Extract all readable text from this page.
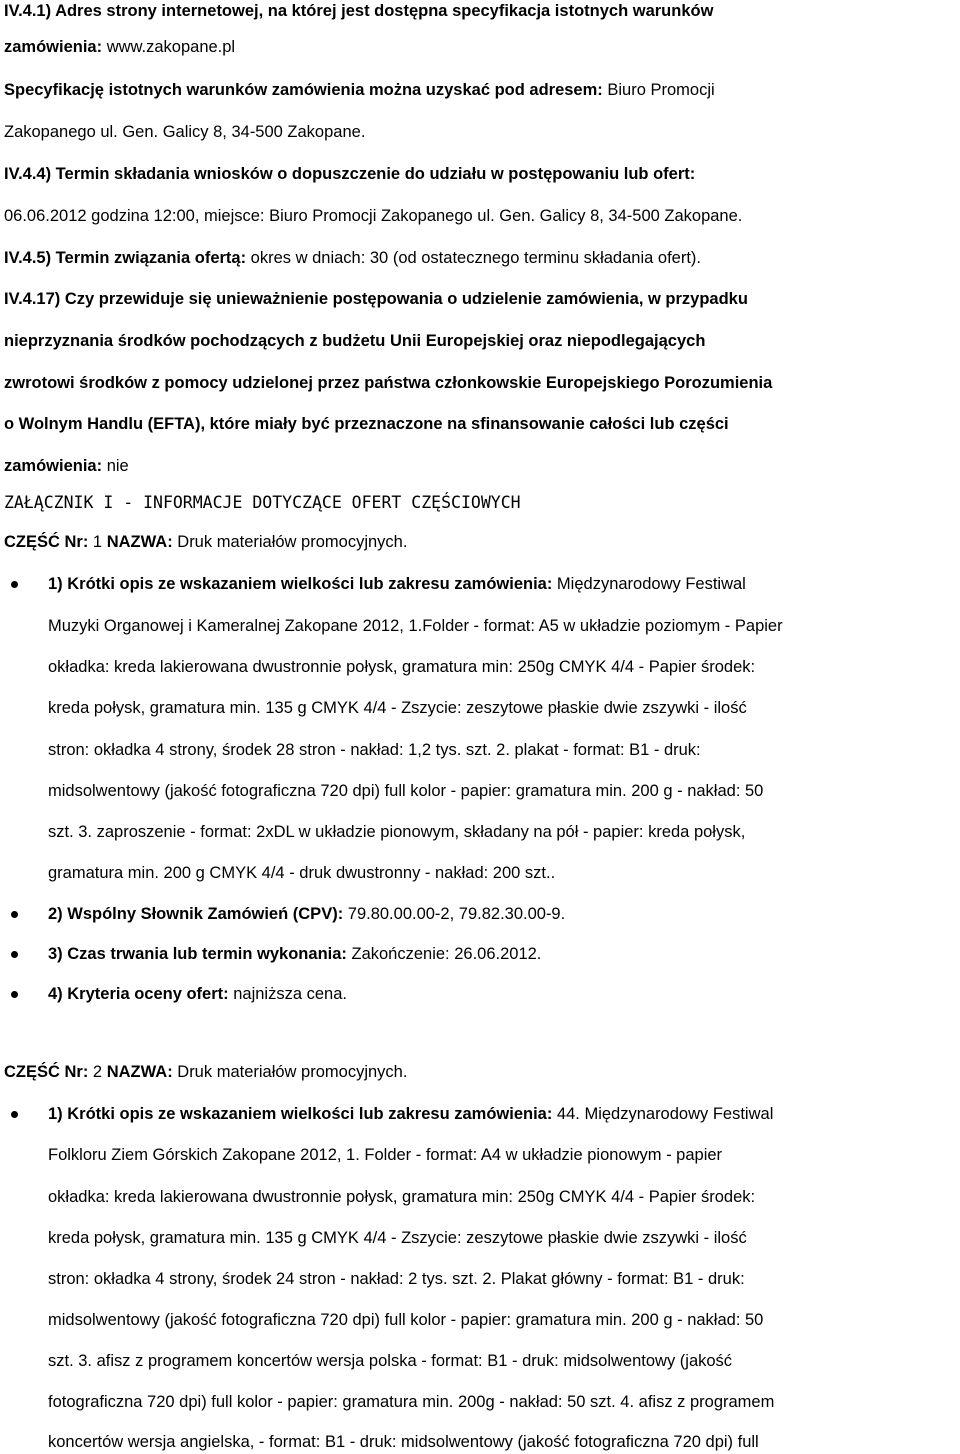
IV.4.1) Adres strony internetowej, na której jest dostępna specyfikacja istotnych warunków
zamówienia: www.zakopane.pl
Specyfikację istotnych warunków zamówienia można uzyskać pod adresem: Biuro Promocji
Zakopanego ul. Gen. Galicy 8, 34-500 Zakopane.
IV.4.4) Termin składania wniosków o dopuszczenie do udziału w postępowaniu lub ofert:
06.06.2012 godzina 12:00, miejsce: Biuro Promocji Zakopanego ul. Gen. Galicy 8, 34-500 Zakopane.
IV.4.5) Termin związania ofertą: okres w dniach: 30 (od ostatecznego terminu składania ofert).
IV.4.17) Czy przewiduje się unieważnienie postępowania o udzielenie zamówienia, w przypadku
nieprzyznania środków pochodzących z budżetu Unii Europejskiej oraz niepodlegających
zwrotowi środków z pomocy udzielonej przez państwa członkowskie Europejskiego Porozumienia
o Wolnym Handlu (EFTA), które miały być przeznaczone na sfinansowanie całości lub części
zamówienia: nie
ZAŁĄCZNIK I - INFORMACJE DOTYCZĄCE OFERT CZĘŚCIOWYCH
CZĘŚĆ Nr: 1 NAZWA: Druk materiałów promocyjnych.
1) Krótki opis ze wskazaniem wielkości lub zakresu zamówienia: Międzynarodowy Festiwal
Muzyki Organowej i Kameralnej Zakopane 2012, 1.Folder - format: A5 w układzie poziomym - Papier
okładka: kreda lakierowana dwustronnie połysk, gramatura min: 250g CMYK 4/4 - Papier środek:
kreda połysk, gramatura min. 135 g CMYK 4/4 - Zszycie: zeszytowe płaskie dwie zszywki - ilość
stron: okładka 4 strony, środek 28 stron - nakład: 1,2 tys. szt. 2. plakat - format: B1 - druk:
midsolwentowy (jakość fotograficzna 720 dpi) full kolor - papier: gramatura min. 200 g - nakład: 50
szt. 3. zaproszenie - format: 2xDL w układzie pionowym, składany na pół - papier: kreda połysk,
gramatura min. 200 g CMYK 4/4 - druk dwustronny - nakład: 200 szt..
2) Wspólny Słownik Zamówień (CPV): 79.80.00.00-2, 79.82.30.00-9.
3) Czas trwania lub termin wykonania: Zakończenie: 26.06.2012.
4) Kryteria oceny ofert: najniższa cena.
CZĘŚĆ Nr: 2 NAZWA: Druk materiałów promocyjnych.
1) Krótki opis ze wskazaniem wielkości lub zakresu zamówienia: 44. Międzynarodowy Festiwal
Folkloru Ziem Górskich Zakopane 2012, 1. Folder - format: A4 w układzie pionowym - papier
okładka: kreda lakierowana dwustronnie połysk, gramatura min: 250g CMYK 4/4 - Papier środek:
kreda połysk, gramatura min. 135 g CMYK 4/4 - Zszycie: zeszytowe płaskie dwie zszywki - ilość
stron: okładka 4 strony, środek 24 stron - nakład: 2 tys. szt. 2. Plakat główny - format: B1 - druk:
midsolwentowy (jakość fotograficzna 720 dpi) full kolor - papier: gramatura min. 200 g - nakład: 50
szt. 3. afisz z programem koncertów wersja polska - format: B1 - druk: midsolwentowy (jakość
fotograficzna 720 dpi) full kolor - papier: gramatura min. 200g - nakład: 50 szt. 4. afisz z programem
koncertów wersja angielska, - format: B1 - druk: midsolwentowy (jakość fotograficzna 720 dpi) full
